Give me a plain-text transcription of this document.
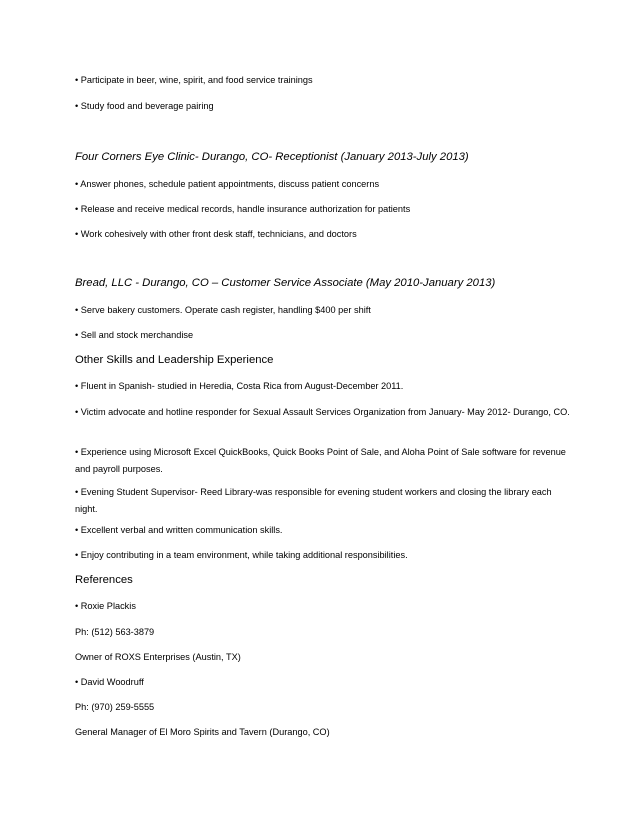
• Participate in beer, wine, spirit, and food service trainings
• Study food and beverage pairing
Four Corners Eye Clinic- Durango, CO- Receptionist (January 2013-July 2013)
• Answer phones, schedule patient appointments, discuss patient concerns
• Release and receive medical records, handle insurance authorization for patients
• Work cohesively with other front desk staff, technicians, and doctors
Bread, LLC - Durango, CO – Customer Service Associate (May 2010-January 2013)
• Serve bakery customers. Operate cash register, handling $400 per shift
• Sell and stock merchandise
Other Skills and Leadership Experience
• Fluent in Spanish- studied in Heredia, Costa Rica from August-December 2011.
• Victim advocate and hotline responder for Sexual Assault Services Organization from January- May 2012- Durango, CO.
• Experience using Microsoft Excel QuickBooks, Quick Books Point of Sale, and Aloha Point of Sale software for revenue and payroll purposes.
• Evening Student Supervisor- Reed Library-was responsible for evening student workers and closing the library each night.
• Excellent verbal and written communication skills.
• Enjoy contributing in a team environment, while taking additional responsibilities.
References
• Roxie Plackis
Ph: (512) 563-3879
Owner of ROXS Enterprises (Austin, TX)
• David Woodruff
Ph: (970) 259-5555
General Manager of El Moro Spirits and Tavern (Durango, CO)
